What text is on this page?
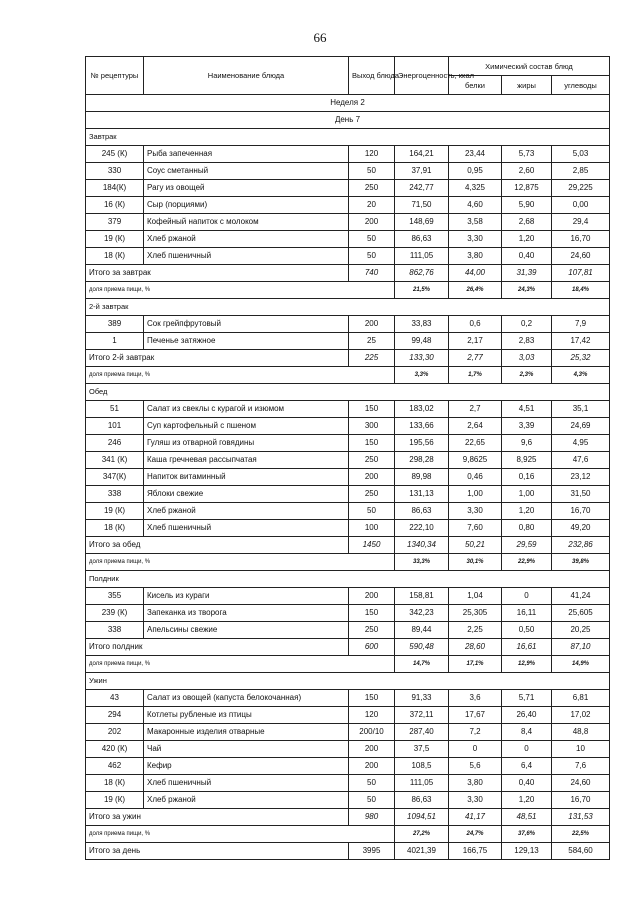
66
№ рецептуры	Наименование блюда	Выход блюда	Энергоценность, ккал	Химический состав блюд		
				белки	жиры	углеводы
Неделя 2						
День 7						
Завтрак						
245 (К)	Рыба запеченная	120	164,21	23,44	5,73	5,03
330	Соус сметанный	50	37,91	0,95	2,60	2,85
184(К)	Рагу из овощей	250	242,77	4,325	12,875	29,225
16 (К)	Сыр (порциями)	20	71,50	4,60	5,90	0,00
379	Кофейный напиток с молоком	200	148,69	3,58	2,68	29,4
19 (К)	Хлеб ржаной	50	86,63	3,30	1,20	16,70
18 (К)	Хлеб пшеничный	50	111,05	3,80	0,40	24,60
Итого за завтрак		740	862,76	44,00	31,39	107,81
доля приема пищи, %			21,5%	26,4%	24,3%	18,4%
2-й завтрак						
389	Сок грейпфрутовый	200	33,83	0,6	0,2	7,9
1	Печенье затяжное	25	99,48	2,17	2,83	17,42
Итого 2-й завтрак		225	133,30	2,77	3,03	25,32
доля приема пищи, %			3,3%	1,7%	2,3%	4,3%
Обед						
51	Салат из свеклы с курагой и изюмом	150	183,02	2,7	4,51	35,1
101	Суп картофельный с пшеном	300	133,66	2,64	3,39	24,69
246	Гуляш из отварной говядины	150	195,56	22,65	9,6	4,95
341 (К)	Каша гречневая рассыпчатая	250	298,28	9,8625	8,925	47,6
347(К)	Напиток витаминный	200	89,98	0,46	0,16	23,12
338	Яблоки свежие	250	131,13	1,00	1,00	31,50
19 (К)	Хлеб ржаной	50	86,63	3,30	1,20	16,70
18 (К)	Хлеб пшеничный	100	222,10	7,60	0,80	49,20
Итого за обед		1450	1340,34	50,21	29,59	232,86
доля приема пищи, %			33,3%	30,1%	22,9%	39,8%
Полдник						
355	Кисель из кураги	200	158,81	1,04	0	41,24
239 (К)	Запеканка из творога	150	342,23	25,305	16,11	25,605
338	Апельсины свежие	250	89,44	2,25	0,50	20,25
Итого полдник		600	590,48	28,60	16,61	87,10
доля приема пищи, %			14,7%	17,1%	12,9%	14,9%
Ужин						
43	Салат из овощей (капуста белокочанная)	150	91,33	3,6	5,71	6,81
294	Котлеты рубленые из птицы	120	372,11	17,67	26,40	17,02
202	Макаронные изделия отварные	200/10	287,40	7,2	8,4	48,8
420 (К)	Чай	200	37,5	0	0	10
462	Кефир	200	108,5	5,6	6,4	7,6
18 (К)	Хлеб пшеничный	50	111,05	3,80	0,40	24,60
19 (К)	Хлеб ржаной	50	86,63	3,30	1,20	16,70
Итого за ужин		980	1094,51	41,17	48,51	131,53
доля приема пищи, %			27,2%	24,7%	37,6%	22,5%
Итого за день		3995	4021,39	166,75	129,13	584,60
